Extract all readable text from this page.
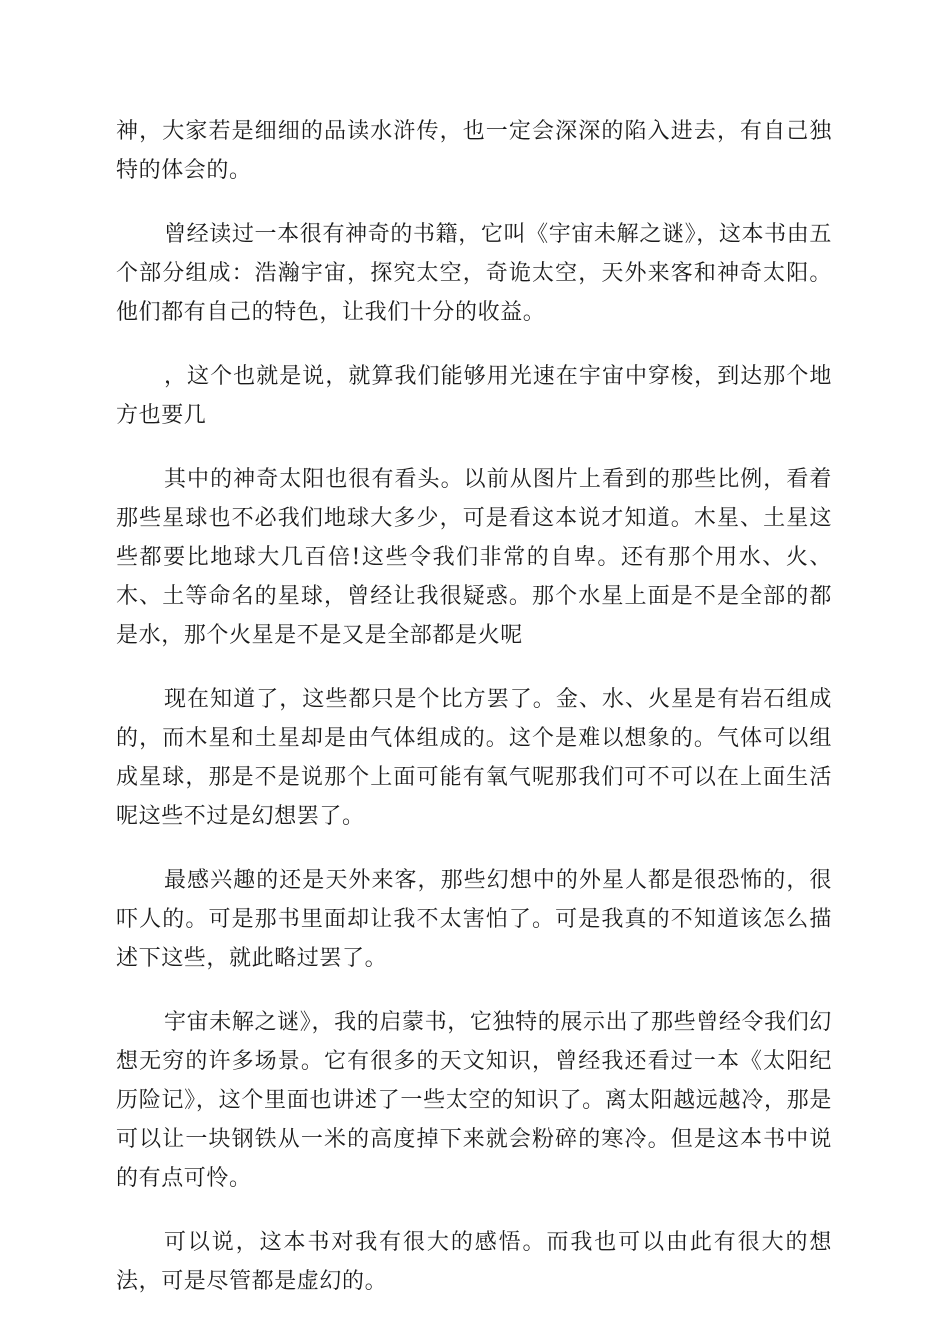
神，大家若是细细的品读水浒传，也一定会深深的陷入进去，有自己独特的体会的。

曾经读过一本很有神奇的书籍，它叫《宇宙未解之谜》，这本书由五个部分组成：浩瀚宇宙，探究太空，奇诡太空，天外来客和神奇太阳。他们都有自己的特色，让我们十分的收益。

，这个也就是说，就算我们能够用光速在宇宙中穿梭，到达那个地方也要几

其中的神奇太阳也很有看头。以前从图片上看到的那些比例，看着那些星球也不必我们地球大多少，可是看这本说才知道。木星、土星这些都要比地球大几百倍!这些令我们非常的自卑。还有那个用水、火、木、土等命名的星球，曾经让我很疑惑。那个水星上面是不是全部的都是水，那个火星是不是又是全部都是火呢

现在知道了，这些都只是个比方罢了。金、水、火星是有岩石组成的，而木星和土星却是由气体组成的。这个是难以想象的。气体可以组成星球，那是不是说那个上面可能有氧气呢那我们可不可以在上面生活呢这些不过是幻想罢了。

最感兴趣的还是天外来客，那些幻想中的外星人都是很恐怖的，很吓人的。可是那书里面却让我不太害怕了。可是我真的不知道该怎么描述下这些，就此略过罢了。

宇宙未解之谜》，我的启蒙书，它独特的展示出了那些曾经令我们幻想无穷的许多场景。它有很多的天文知识，曾经我还看过一本《太阳纪历险记》，这个里面也讲述了一些太空的知识了。离太阳越远越冷，那是可以让一块钢铁从一米的高度掉下来就会粉碎的寒冷。但是这本书中说的有点可怜。

可以说，这本书对我有很大的感悟。而我也可以由此有很大的想法，可是尽管都是虚幻的。
